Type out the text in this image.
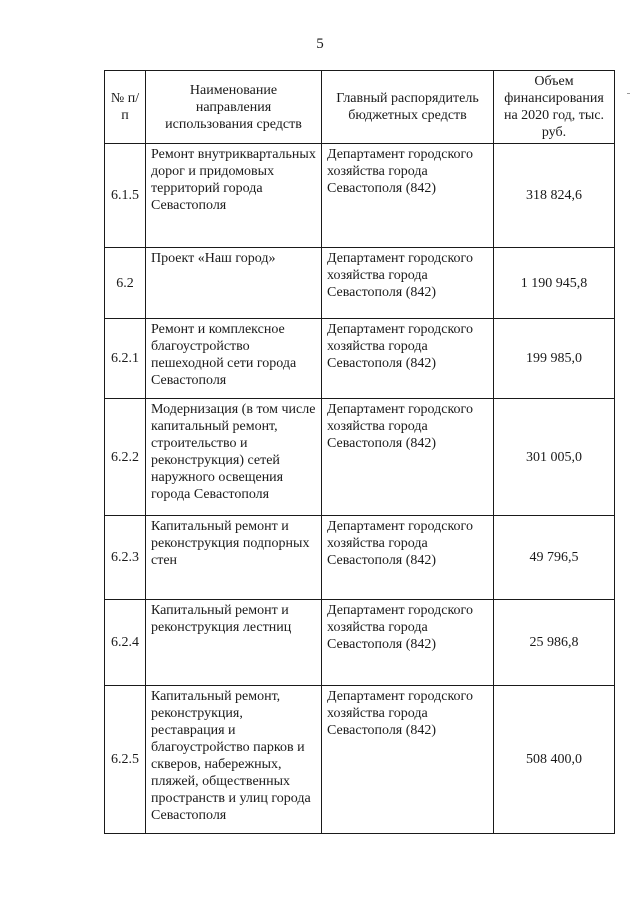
5
№ п/п	Наименование направления использования средств	Главный распорядитель бюджетных средств	Объем финансирования на 2020 год, тыс. руб.
6.1.5	Ремонт внутриквартальных дорог и придомовых территорий города Севастополя	Департамент городского хозяйства города Севастополя (842)	318 824,6
6.2	Проект «Наш город»	Департамент городского хозяйства города Севастополя (842)	1 190 945,8
6.2.1	Ремонт и комплексное благоустройство пешеходной сети города Севастополя	Департамент городского хозяйства города Севастополя (842)	199 985,0
6.2.2	Модернизация (в том числе капитальный ремонт, строительство и реконструкция) сетей наружного освещения города Севастополя	Департамент городского хозяйства города Севастополя (842)	301 005,0
6.2.3	Капитальный ремонт и реконструкция подпорных стен	Департамент городского хозяйства города Севастополя (842)	49 796,5
6.2.4	Капитальный ремонт и реконструкция лестниц	Департамент городского хозяйства города Севастополя (842)	25 986,8
6.2.5	Капитальный ремонт, реконструкция, реставрация и благоустройство парков и скверов, набережных, пляжей, общественных пространств и улиц города Севастополя	Департамент городского хозяйства города Севастополя (842)	508 400,0
